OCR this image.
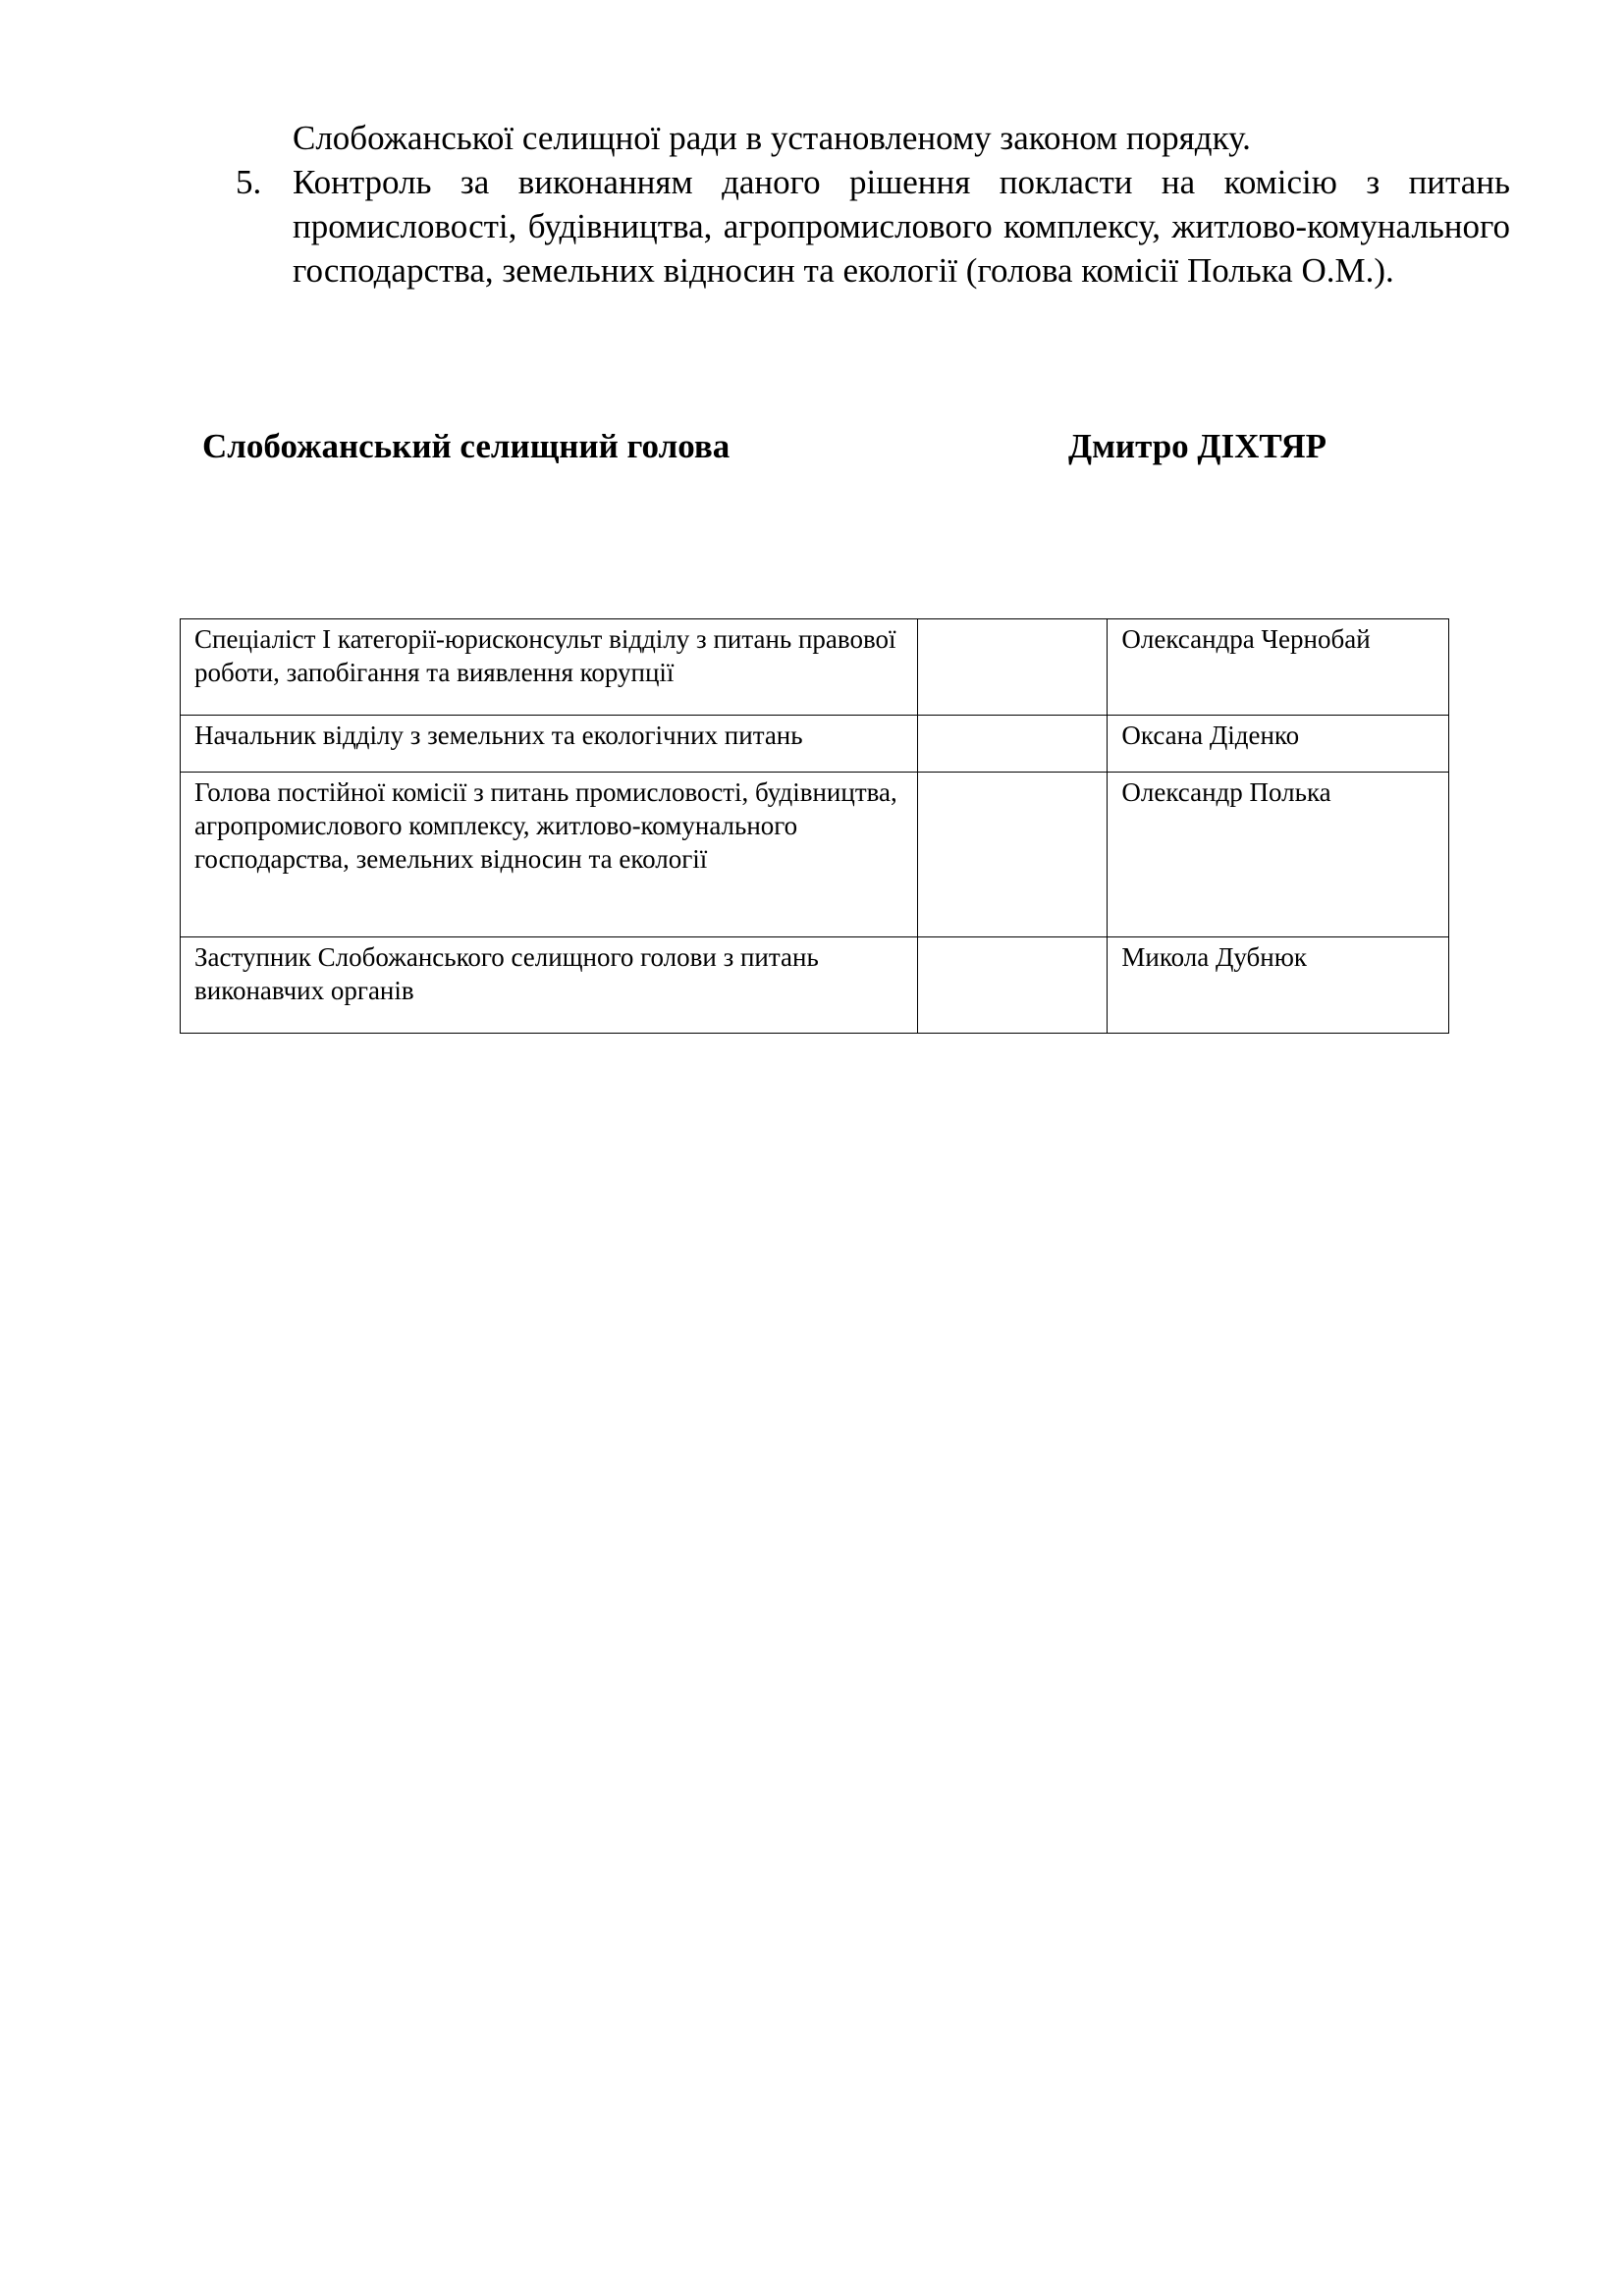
Слобожанської селищної ради в установленому законом порядку.

5. Контроль за виконанням даного рішення покласти на комісію з питань промисловості, будівництва, агропромислового комплексу, житлово-комунального господарства, земельних відносин та екології (голова комісії Полька О.М.).
Слобожанський селищний голова	Дмитро ДІХТЯР
Спеціаліст I категорії-юрисконсульт відділу з питань правової роботи, запобігання та виявлення корупції		Олександра Чернобай
Начальник відділу з земельних та екологічних питань		Оксана Діденко
Голова постійної комісії з питань промисловості, будівництва, агропромислового комплексу, житлово-комунального господарства, земельних відносин та екології		Олександр Полька
Заступник Слобожанського селищного голови з питань виконавчих органів		Микола Дубнюк
